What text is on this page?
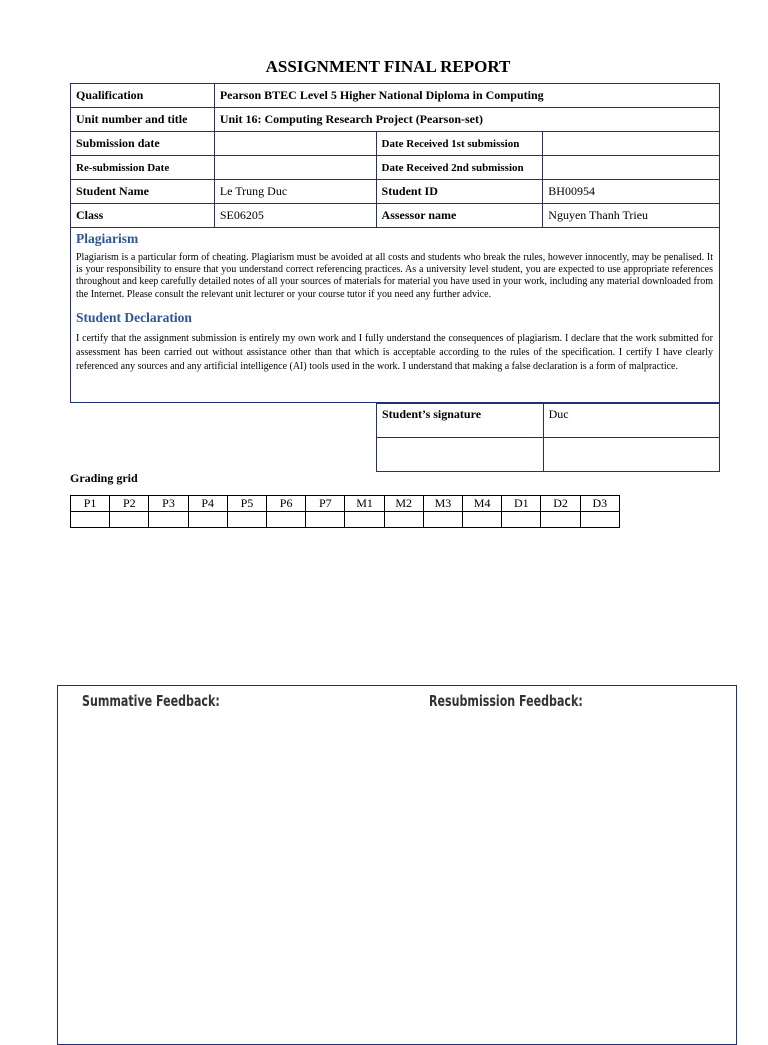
ASSIGNMENT FINAL REPORT
Qualification	Pearson BTEC Level 5 Higher National Diploma in Computing		
Unit number and title	Unit 16: Computing Research Project (Pearson-set)		
Submission date		Date Received 1st submission	
Re-submission Date		Date Received 2nd submission	
Student Name	Le Trung Duc	Student ID	BH00954
Class	SE06205	Assessor name	Nguyen Thanh Trieu
Plagiarism

Plagiarism is a particular form of cheating. Plagiarism must be avoided at all costs and students who break the rules, however innocently, may be penalised. It is your responsibility to ensure that you understand correct referencing practices. As a university level student, you are expected to use appropriate references throughout and keep carefully detailed notes of all your sources of materials for material you have used in your work, including any material downloaded from the Internet. Please consult the relevant unit lecturer or your course tutor if you need any further advice.

Student Declaration

I certify that the assignment submission is entirely my own work and I fully understand the consequences of plagiarism. I declare that the work submitted for assessment has been carried out without assistance other than that which is acceptable according to the rules of the specification. I certify I have clearly referenced any sources and any artificial intelligence (AI) tools used in the work. I understand that making a false declaration is a form of malpractice.

Student’s signature	Duc

Grading grid
P1	P2	P3	P4	P5	P6	P7	M1	M2	M3	M4	D1	D2	D3

Summative Feedback:	Resubmission Feedback:
